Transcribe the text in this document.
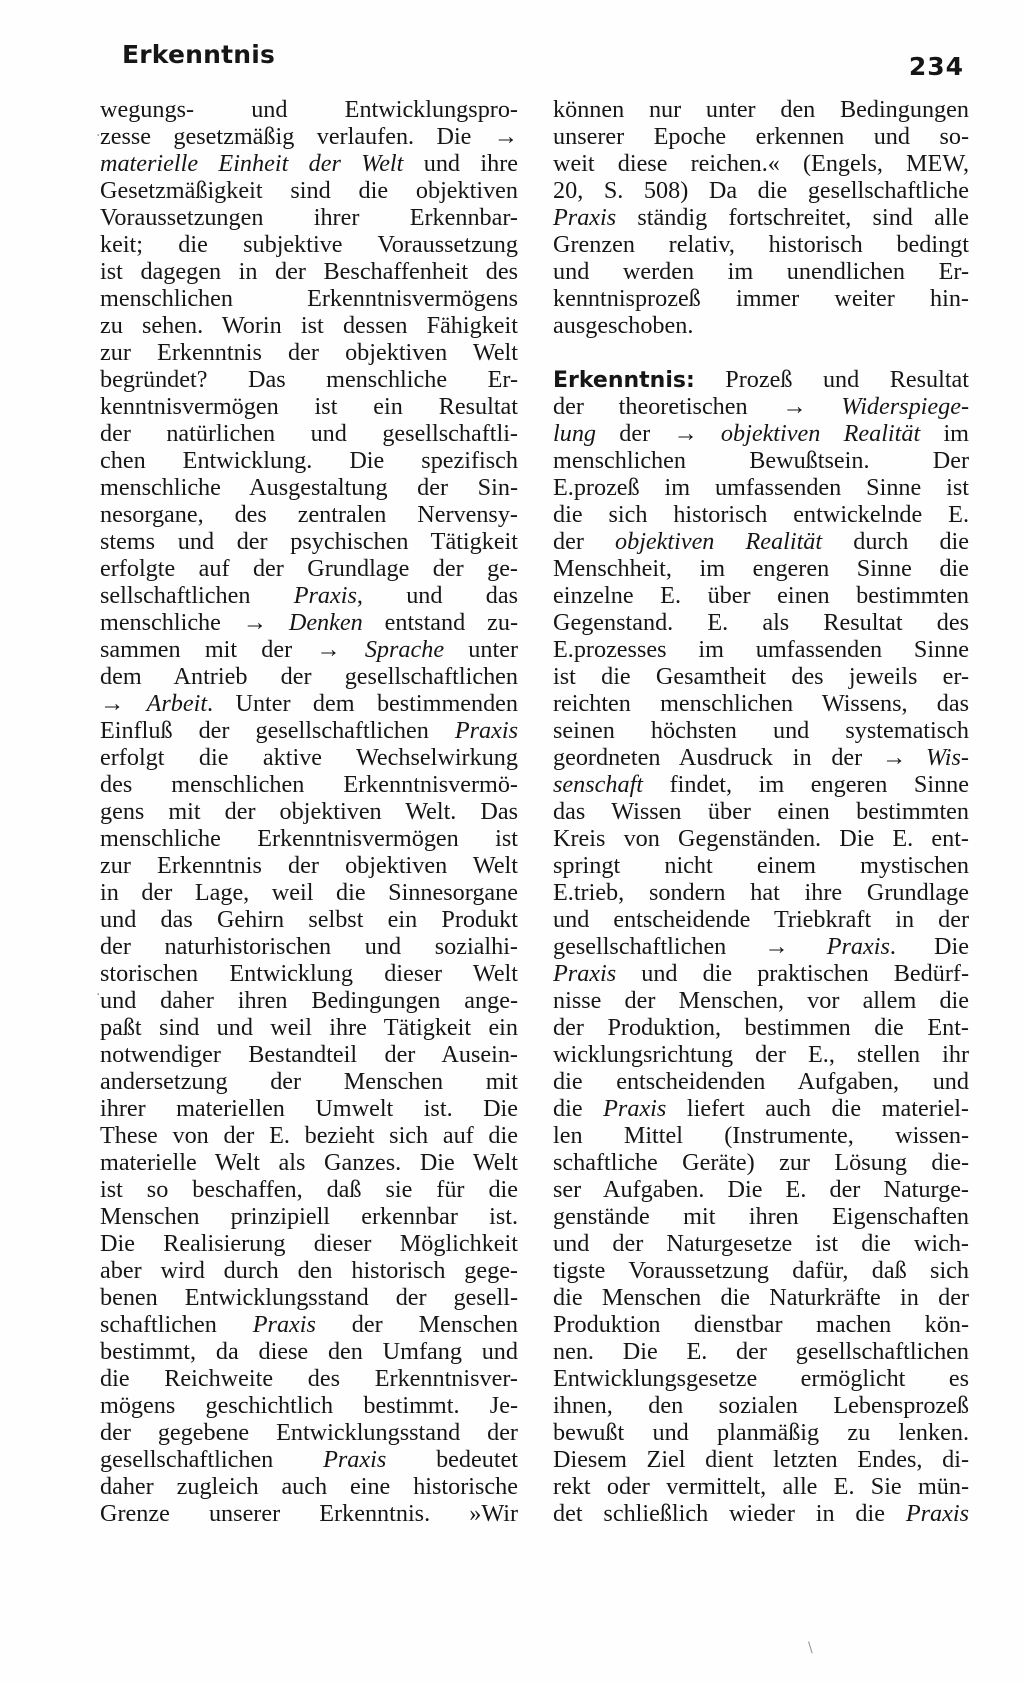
Erkenntnis	234
wegungs- und Entwicklungspro-
zesse gesetzmäßig verlaufen. Die →
materielle Einheit der Welt und ihre
Gesetzmäßigkeit sind die objektiven
Voraussetzungen ihrer Erkennbar-
keit; die subjektive Voraussetzung
ist dagegen in der Beschaffenheit des
menschlichen Erkenntnisvermögens
zu sehen. Worin ist dessen Fähigkeit
zur Erkenntnis der objektiven Welt
begründet? Das menschliche Er-
kenntnisvermögen ist ein Resultat
der natürlichen und gesellschaftli-
chen Entwicklung. Die spezifisch
menschliche Ausgestaltung der Sin-
nesorgane, des zentralen Nervensy-
stems und der psychischen Tätigkeit
erfolgte auf der Grundlage der ge-
sellschaftlichen Praxis, und das
menschliche → Denken entstand zu-
sammen mit der → Sprache unter
dem Antrieb der gesellschaftlichen
→ Arbeit. Unter dem bestimmenden
Einfluß der gesellschaftlichen Praxis
erfolgt die aktive Wechselwirkung
des menschlichen Erkenntnisvermö-
gens mit der objektiven Welt. Das
menschliche Erkenntnisvermögen ist
zur Erkenntnis der objektiven Welt
in der Lage, weil die Sinnesorgane
und das Gehirn selbst ein Produkt
der naturhistorischen und sozialhi-
storischen Entwicklung dieser Welt
und daher ihren Bedingungen ange-
paßt sind und weil ihre Tätigkeit ein
notwendiger Bestandteil der Ausein-
andersetzung der Menschen mit
ihrer materiellen Umwelt ist. Die
These von der E. bezieht sich auf die
materielle Welt als Ganzes. Die Welt
ist so beschaffen, daß sie für die
Menschen prinzipiell erkennbar ist.
Die Realisierung dieser Möglichkeit
aber wird durch den historisch gege-
benen Entwicklungsstand der gesell-
schaftlichen Praxis der Menschen
bestimmt, da diese den Umfang und
die Reichweite des Erkenntnisver-
mögens geschichtlich bestimmt. Je-
der gegebene Entwicklungsstand der
gesellschaftlichen Praxis bedeutet
daher zugleich auch eine historische
Grenze unserer Erkenntnis. »Wir
können nur unter den Bedingungen
unserer Epoche erkennen und so-
weit diese reichen.« (Engels, MEW,
20, S. 508) Da die gesellschaftliche
Praxis ständig fortschreitet, sind alle
Grenzen relativ, historisch bedingt
und werden im unendlichen Er-
kenntnisprozeß immer weiter hin-
ausgeschoben.
Erkenntnis: Prozeß und Resultat
der theoretischen → Widerspiege-
lung der → objektiven Realität im
menschlichen Bewußtsein. Der
E.prozeß im umfassenden Sinne ist
die sich historisch entwickelnde E.
der objektiven Realität durch die
Menschheit, im engeren Sinne die
einzelne E. über einen bestimmten
Gegenstand. E. als Resultat des
E.prozesses im umfassenden Sinne
ist die Gesamtheit des jeweils er-
reichten menschlichen Wissens, das
seinen höchsten und systematisch
geordneten Ausdruck in der → Wis-
senschaft findet, im engeren Sinne
das Wissen über einen bestimmten
Kreis von Gegenständen. Die E. ent-
springt nicht einem mystischen
E.trieb, sondern hat ihre Grundlage
und entscheidende Triebkraft in der
gesellschaftlichen → Praxis. Die
Praxis und die praktischen Bedürf-
nisse der Menschen, vor allem die
der Produktion, bestimmen die Ent-
wicklungsrichtung der E., stellen ihr
die entscheidenden Aufgaben, und
die Praxis liefert auch die materiel-
len Mittel (Instrumente, wissen-
schaftliche Geräte) zur Lösung die-
ser Aufgaben. Die E. der Naturge-
genstände mit ihren Eigenschaften
und der Naturgesetze ist die wich-
tigste Voraussetzung dafür, daß sich
die Menschen die Naturkräfte in der
Produktion dienstbar machen kön-
nen. Die E. der gesellschaftlichen
Entwicklungsgesetze ermöglicht es
ihnen, den sozialen Lebensprozeß
bewußt und planmäßig zu lenken.
Diesem Ziel dient letzten Endes, di-
rekt oder vermittelt, alle E. Sie mün-
det schließlich wieder in die Praxis
·
·
\
